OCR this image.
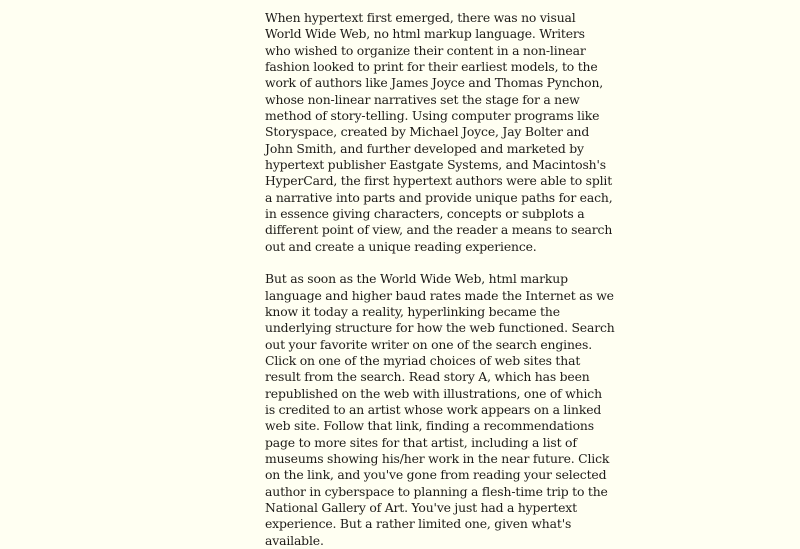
When hypertext first emerged, there was no visual
World Wide Web, no html markup language. Writers
who wished to organize their content in a non-linear
fashion looked to print for their earliest models, to the
work of authors like James Joyce and Thomas Pynchon,
whose non-linear narratives set the stage for a new
method of story-telling. Using computer programs like
Storyspace, created by Michael Joyce, Jay Bolter and
John Smith, and further developed and marketed by
hypertext publisher Eastgate Systems, and Macintosh's
HyperCard, the first hypertext authors were able to split
a narrative into parts and provide unique paths for each,
in essence giving characters, concepts or subplots a
different point of view, and the reader a means to search
out and create a unique reading experience.

But as soon as the World Wide Web, html markup
language and higher baud rates made the Internet as we
know it today a reality, hyperlinking became the
underlying structure for how the web functioned. Search
out your favorite writer on one of the search engines.
Click on one of the myriad choices of web sites that
result from the search. Read story A, which has been
republished on the web with illustrations, one of which
is credited to an artist whose work appears on a linked
web site. Follow that link, finding a recommendations
page to more sites for that artist, including a list of
museums showing his/her work in the near future. Click
on the link, and you've gone from reading your selected
author in cyberspace to planning a flesh-time trip to the
National Gallery of Art. You've just had a hypertext
experience. But a rather limited one, given what's
available.
